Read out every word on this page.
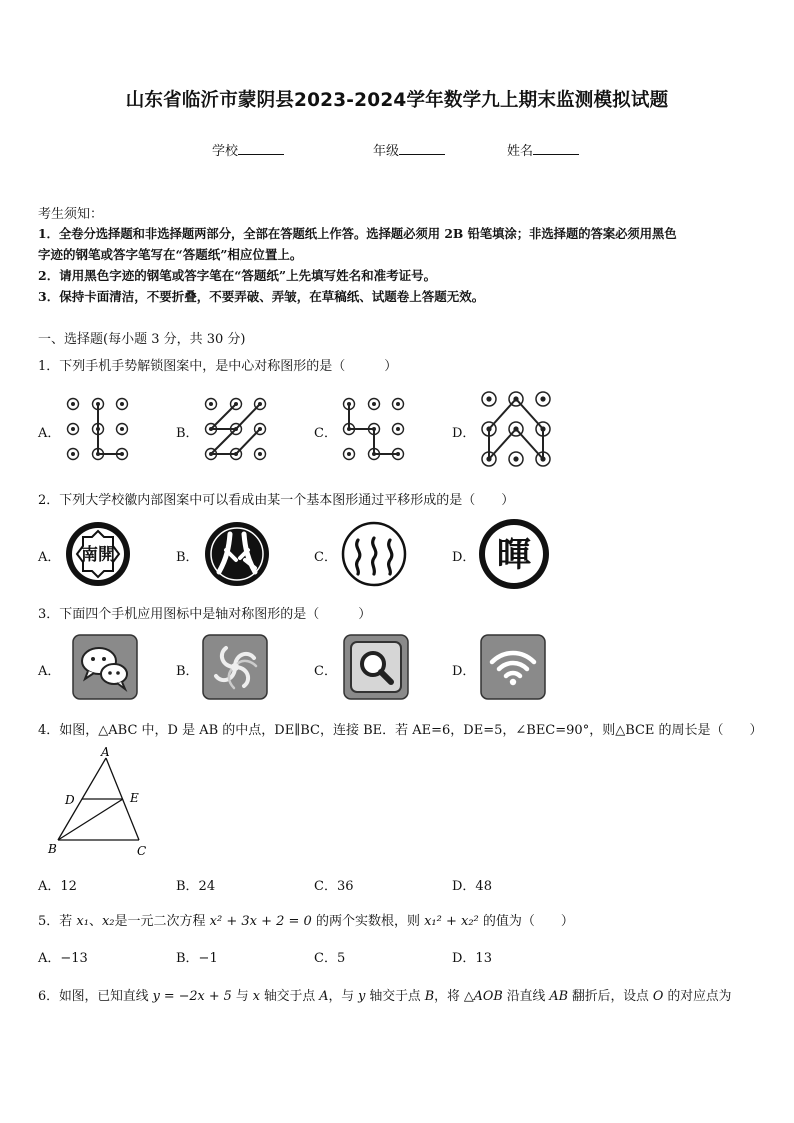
山东省临沂市蒙阴县2023-2024学年数学九上期末监测模拟试题
学校	年级	姓名
考生须知：
1．全卷分选择题和非选择题两部分，全部在答题纸上作答。选择题必须用 2B 铅笔填涂；非选择题的答案必须用黑色
字迹的钢笔或答字笔写在“答题纸”相应位置上。
2．请用黑色字迹的钢笔或答字笔在“答题纸”上先填写姓名和准考证号。
3．保持卡面清洁，不要折叠，不要弄破、弄皱，在草稿纸、试题卷上答题无效。
一、选择题(每小题 3 分，共 30 分)
1．下列手机手势解锁图案中，是中心对称图形的是（　　　）
A．	B．	C．	D．
2．下列大学校徽内部图案中可以看成由某一个基本图形通过平移形成的是（　　）
A．	B．	C．	D．
南開	暉
3．下面四个手机应用图标中是轴对称图形的是（　　　）
A．	B．	C．	D．
4．如图，△ABC 中，D 是 AB 的中点，DE∥BC，连接 BE．若 AE=6，DE=5，∠BEC=90°，则△BCE 的周长是（　　）
A
D	E
B	C
A．12	B．24	C．36	D．48
5．若 x₁、x₂是一元二次方程 x² + 3x + 2 = 0 的两个实数根，则 x₁² + x₂² 的值为（　　）
A．−13	B．−1	C．5	D．13
6．如图，已知直线 y = −2x + 5 与 x 轴交于点 A，与 y 轴交于点 B，将 △AOB 沿直线 AB 翻折后，设点 O 的对应点为
